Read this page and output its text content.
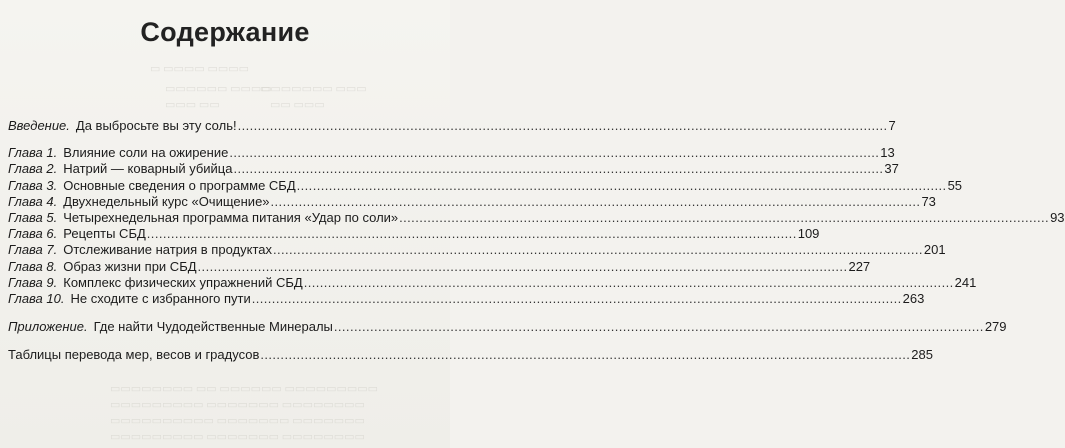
▭ ▭▭▭▭ ▭▭▭▭
▭▭▭▭▭▭ ▭▭▭▭
▭▭▭▭▭▭▭ ▭▭▭
▭▭▭ ▭▭	▭▭ ▭▭▭
▭▭▭▭▭▭▭▭ ▭▭ ▭▭▭▭▭▭ ▭▭▭▭▭▭▭▭▭
▭▭▭▭▭▭▭▭▭ ▭▭▭▭▭▭▭ ▭▭▭▭▭▭▭▭
▭▭▭▭▭▭▭▭▭▭ ▭▭▭▭▭▭▭ ▭▭▭▭▭▭▭
▭▭▭▭▭▭▭▭▭ ▭▭▭▭▭▭▭ ▭▭▭▭▭▭▭▭
Содержание
Введение. Да выбросьте вы эту соль! .....	7
Глава 1. Влияние соли на ожирение .....	13
Глава 2. Натрий — коварный убийца .....	37
Глава 3. Основные сведения о программе СБД .....	55
Глава 4. Двухнедельный курс «Очищение» .....	73
Глава 5. Четырехнедельная программа питания «Удар по соли» .....	93
Глава 6. Рецепты СБД .....	109
Глава 7. Отслеживание натрия в продуктах .....	201
Глава 8. Образ жизни при СБД .....	227
Глава 9. Комплекс физических упражнений СБД .....	241
Глава 10. Не сходите с избранного пути .....	263
Приложение. Где найти Чудодейственные Минералы .....	279
Таблицы перевода мер, весов и градусов .....	285
